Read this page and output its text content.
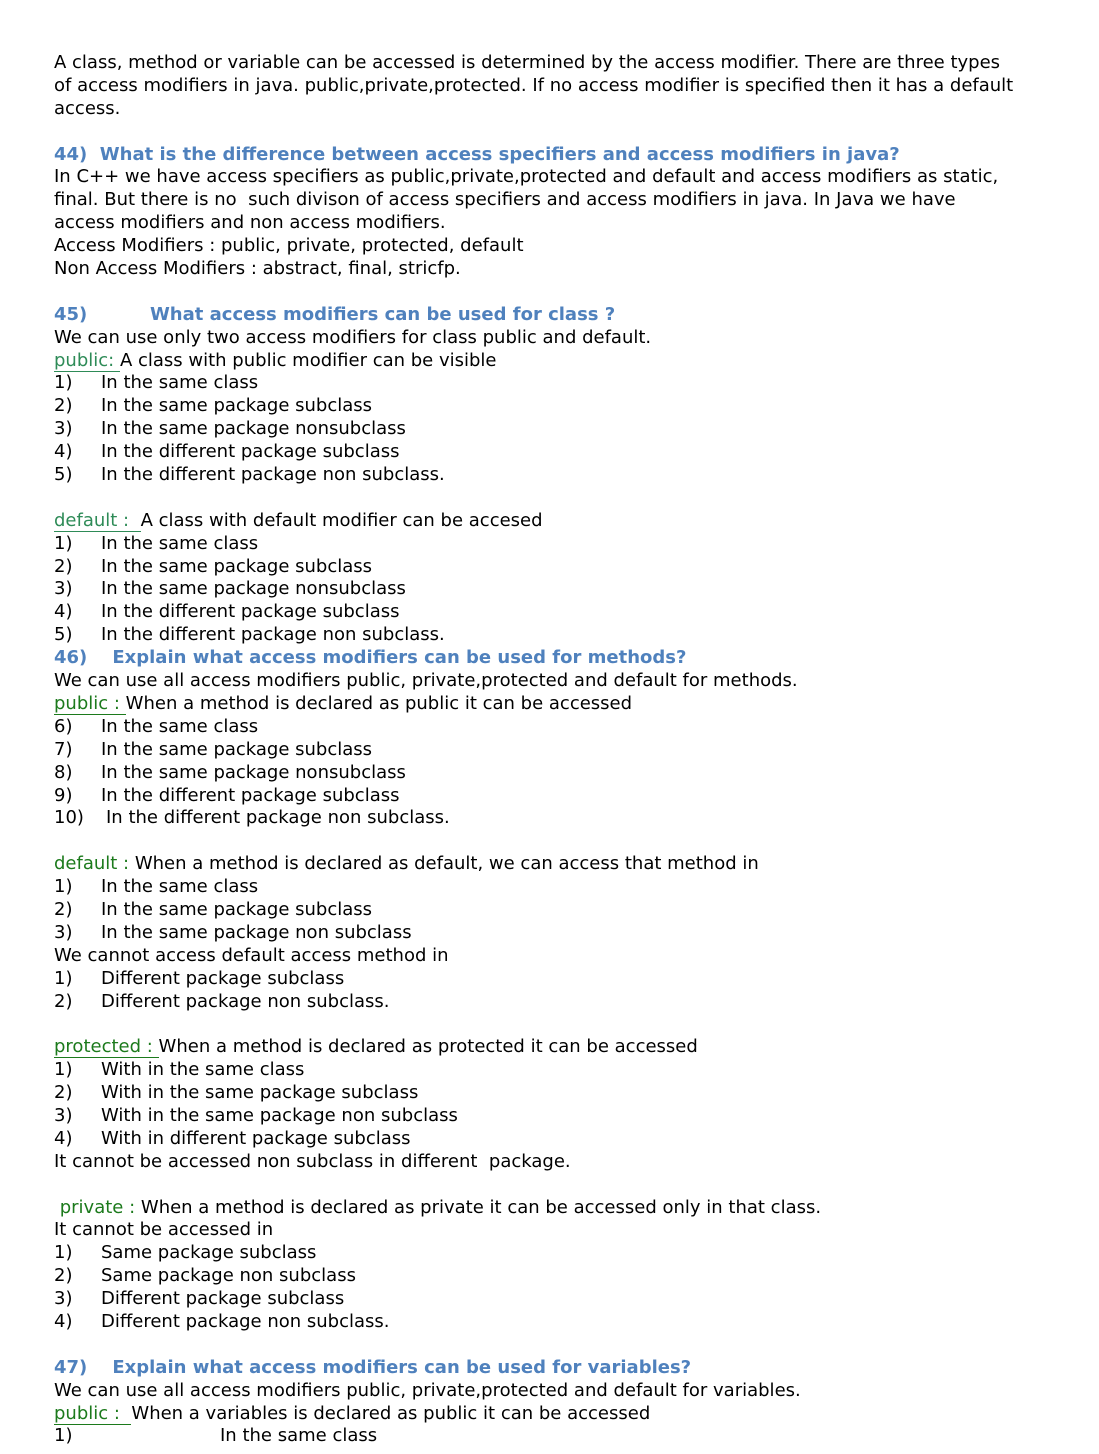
A class, method or variable can be accessed is determined by the access modifier. There are three types
of access modifiers in java. public,private,protected. If no access modifier is specified then it has a default
access.
44)  What is the difference between access specifiers and access modifiers in java?
In C++ we have access specifiers as public,private,protected and default and access modifiers as static,
final. But there is no  such divison of access specifiers and access modifiers in java. In Java we have
access modifiers and non access modifiers.
Access Modifiers : public, private, protected, default
Non Access Modifiers : abstract, final, stricfp.
45)          What access modifiers can be used for class ?
We can use only two access modifiers for class public and default.
public: A class with public modifier can be visible
1) In the same class
2) In the same package subclass
3) In the same package nonsubclass
4) In the different package subclass
5) In the different package non subclass.
default :  A class with default modifier can be accesed
1) In the same class
2) In the same package subclass
3) In the same package nonsubclass
4) In the different package subclass
5) In the different package non subclass.
46)    Explain what access modifiers can be used for methods?
We can use all access modifiers public, private,protected and default for methods.
public : When a method is declared as public it can be accessed
6) In the same class
7) In the same package subclass
8) In the same package nonsubclass
9) In the different package subclass
10) In the different package non subclass.
default : When a method is declared as default, we can access that method in
1) In the same class
2) In the same package subclass
3) In the same package non subclass
We cannot access default access method in
1) Different package subclass
2) Different package non subclass.
protected : When a method is declared as protected it can be accessed
1) With in the same class
2) With in the same package subclass
3) With in the same package non subclass
4) With in different package subclass
It cannot be accessed non subclass in different  package.
private : When a method is declared as private it can be accessed only in that class.
It cannot be accessed in
1) Same package subclass
2) Same package non subclass
3) Different package subclass
4) Different package non subclass.
47)    Explain what access modifiers can be used for variables?
We can use all access modifiers public, private,protected and default for variables.
public :  When a variables is declared as public it can be accessed
1)	In the same class
